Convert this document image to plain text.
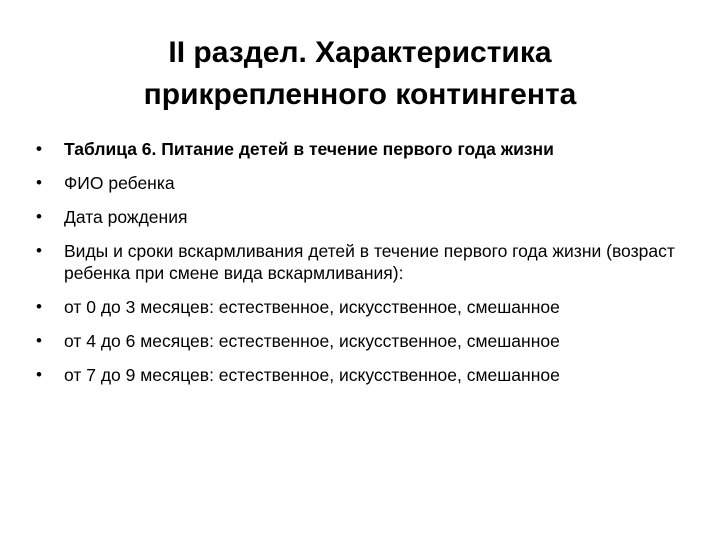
II раздел. Характеристика
прикрепленного контингента
•	Таблица 6. Питание детей в течение первого года жизни
•	ФИО ребенка
•	Дата рождения
•	Виды и сроки вскармливания детей в течение первого года жизни (возраст ребенка при смене вида вскармливания):
•	от 0 до 3 месяцев: естественное, искусственное, смешанное
•	от 4 до 6 месяцев: естественное, искусственное, смешанное
•	от 7 до 9 месяцев: естественное, искусственное, смешанное
